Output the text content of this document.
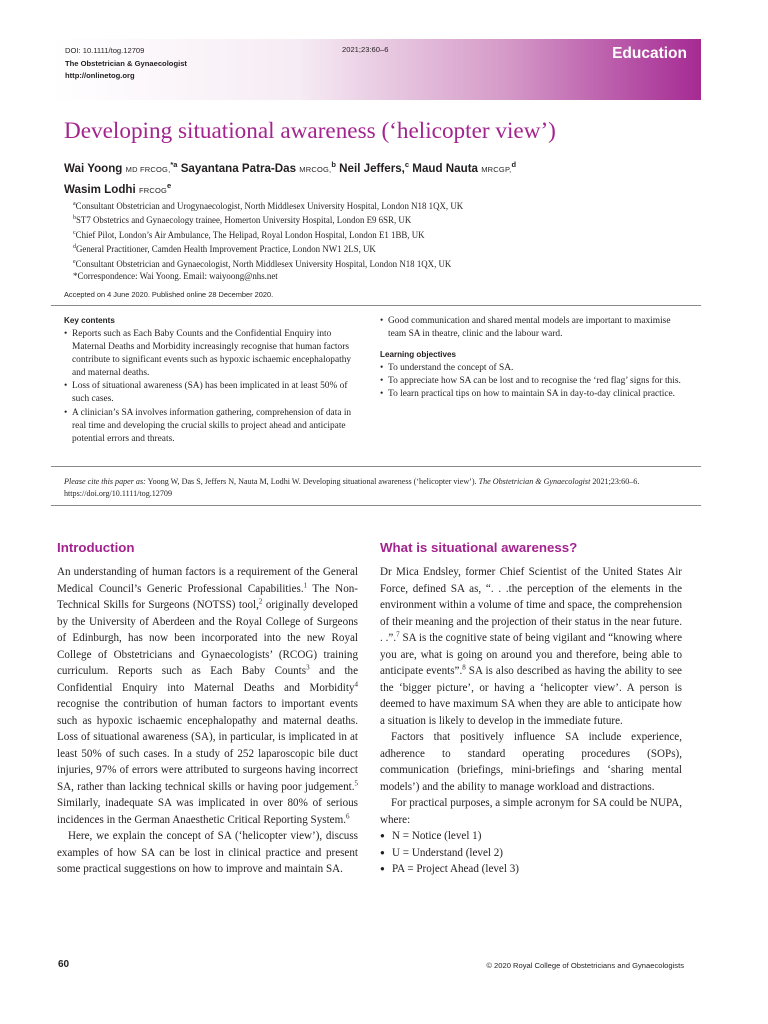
DOI: 10.1111/tog.12709
The Obstetrician & Gynaecologist
http://onlinetog.org
2021;23:60–6	Education
Developing situational awareness (‘helicopter view’)
Wai Yoong MD FRCOG,$^{*a}$ Sayantana Patra-Das MRCOG,$^b$ Neil Jeffers,$^c$ Maud Nauta MRCGP,$^d$
Wasim Lodhi FRCOG$^e$
$^a$Consultant Obstetrician and Urogynaecologist, North Middlesex University Hospital, London N18 1QX, UK
$^b$ST7 Obstetrics and Gynaecology trainee, Homerton University Hospital, London E9 6SR, UK
$^c$Chief Pilot, London’s Air Ambulance, The Helipad, Royal London Hospital, London E1 1BB, UK
$^d$General Practitioner, Camden Health Improvement Practice, London NW1 2LS, UK
$^e$Consultant Obstetrician and Gynaecologist, North Middlesex University Hospital, London N18 1QX, UK
*Correspondence: Wai Yoong. Email: waiyoong@nhs.net
Accepted on 4 June 2020. Published online 28 December 2020.
Key contents
• Reports such as Each Baby Counts and the Confidential Enquiry into Maternal Deaths and Morbidity increasingly recognise that human factors contribute to significant events such as hypoxic ischaemic encephalopathy and maternal deaths.
• Loss of situational awareness (SA) has been implicated in at least 50% of such cases.
• A clinician’s SA involves information gathering, comprehension of data in real time and developing the crucial skills to project ahead and anticipate potential errors and threats.
• Good communication and shared mental models are important to maximise team SA in theatre, clinic and the labour ward.
Learning objectives
• To understand the concept of SA.
• To appreciate how SA can be lost and to recognise the ‘red flag’ signs for this.
• To learn practical tips on how to maintain SA in day-to-day clinical practice.
Please cite this paper as: Yoong W, Das S, Jeffers N, Nauta M, Lodhi W. Developing situational awareness (‘helicopter view’). The Obstetrician & Gynaecologist 2021;23:60–6. https://doi.org/10.1111/tog.12709
Introduction

An understanding of human factors is a requirement of the General Medical Council’s Generic Professional Capabilities.$^1$ The Non-Technical Skills for Surgeons (NOTSS) tool,$^2$ originally developed by the University of Aberdeen and the Royal College of Surgeons of Edinburgh, has now been incorporated into the new Royal College of Obstetricians and Gynaecologists’ (RCOG) training curriculum. Reports such as Each Baby Counts$^3$ and the Confidential Enquiry into Maternal Deaths and Morbidity$^4$ recognise the contribution of human factors to important events such as hypoxic ischaemic encephalopathy and maternal deaths. Loss of situational awareness (SA), in particular, is implicated in at least 50% of such cases. In a study of 252 laparoscopic bile duct injuries, 97% of errors were attributed to surgeons having incorrect SA, rather than lacking technical skills or having poor judgement.$^5$ Similarly, inadequate SA was implicated in over 80% of serious incidences in the German Anaesthetic Critical Reporting System.$^6$

Here, we explain the concept of SA (‘helicopter view’), discuss examples of how SA can be lost in clinical practice and present some practical suggestions on how to improve and maintain SA.

What is situational awareness?

Dr Mica Endsley, former Chief Scientist of the United States Air Force, defined SA as, “. . .the perception of the elements in the environment within a volume of time and space, the comprehension of their meaning and the projection of their status in the near future. . .”.$^7$ SA is the cognitive state of being vigilant and “knowing where you are, what is going on around you and therefore, being able to anticipate events”.$^8$ SA is also described as having the ability to see the ‘bigger picture’, or having a ‘helicopter view’. A person is deemed to have maximum SA when they are able to anticipate how a situation is likely to develop in the immediate future.

Factors that positively influence SA include experience, adherence to standard operating procedures (SOPs), communication (briefings, mini-briefings and ‘sharing mental models’) and the ability to manage workload and distractions.

For practical purposes, a simple acronym for SA could be NUPA, where:

● N = Notice (level 1)
● U = Understand (level 2)
● PA = Project Ahead (level 3)
60	© 2020 Royal College of Obstetricians and Gynaecologists
